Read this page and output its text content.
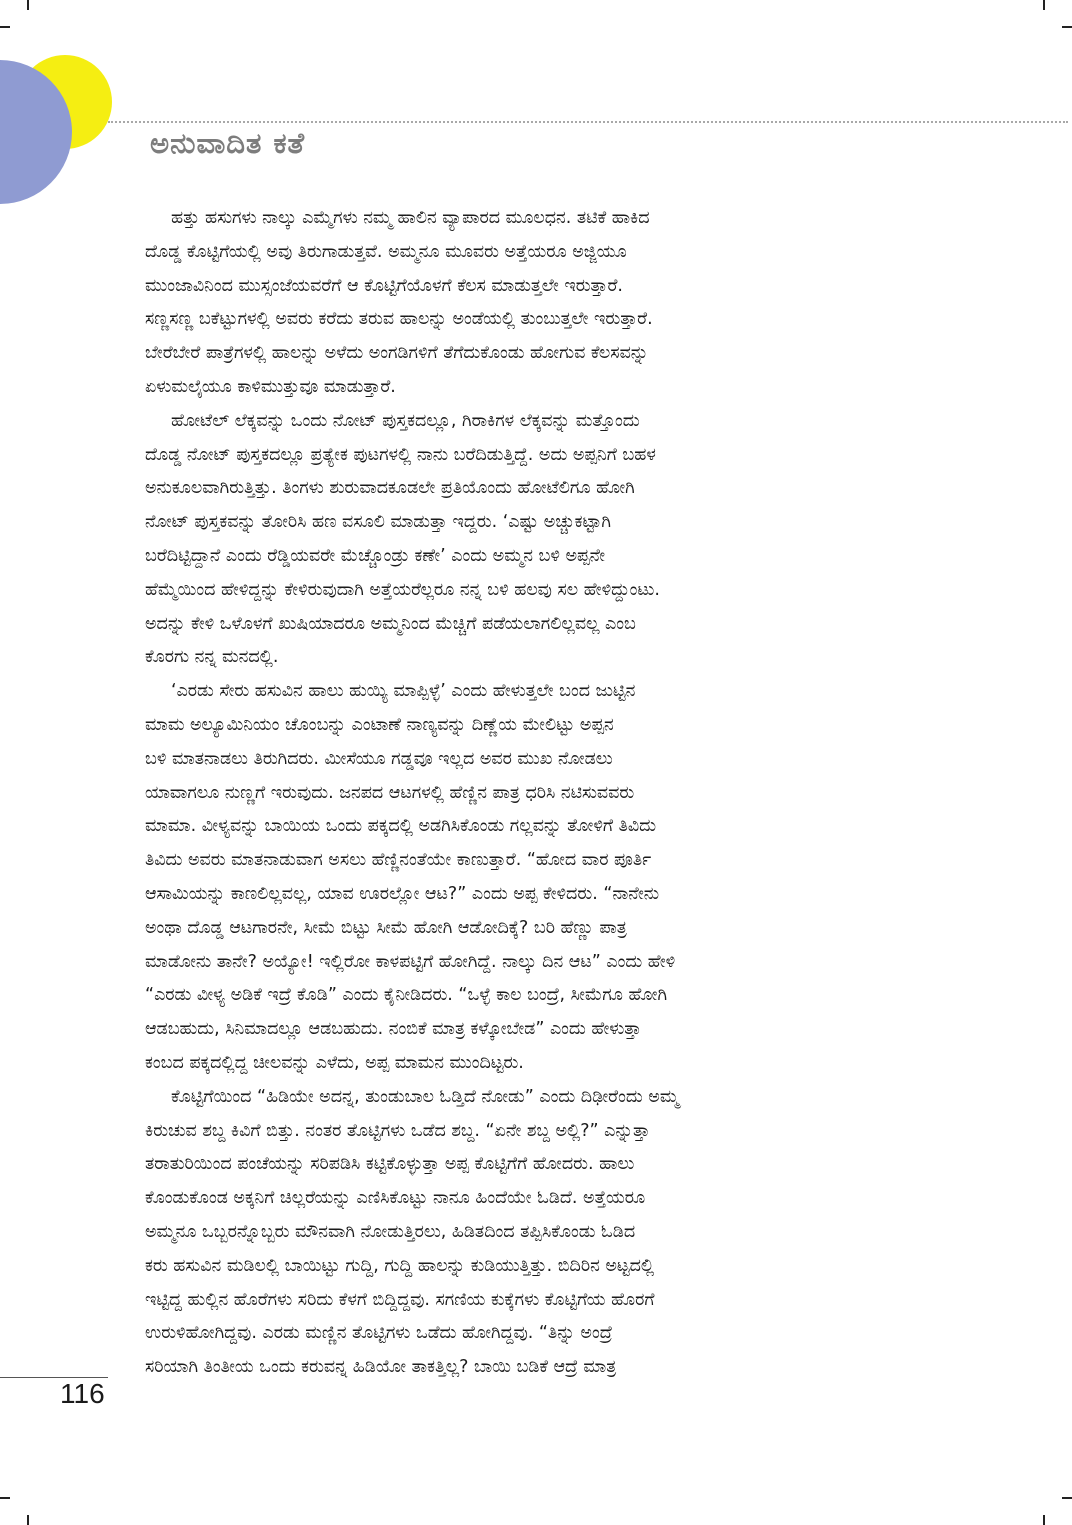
ಅನುವಾದಿತ ಕತೆ
ಹತ್ತು ಹಸುಗಳು ನಾಲ್ಕು ಎಮ್ಮೆಗಳು ನಮ್ಮ ಹಾಲಿನ ವ್ಯಾಪಾರದ ಮೂಲಧನ. ತಟಿಕೆ ಹಾಕಿದ
ದೊಡ್ಡ ಕೊಟ್ಟಿಗೆಯಲ್ಲಿ ಅವು ತಿರುಗಾಡುತ್ತವೆ. ಅಮ್ಮನೂ ಮೂವರು ಅತ್ತೆಯರೂ ಅಜ್ಜಿಯೂ
ಮುಂಜಾವಿನಿಂದ ಮುಸ್ಸಂಜೆಯವರೆಗೆ ಆ ಕೊಟ್ಟಿಗೆಯೊಳಗೆ ಕೆಲಸ ಮಾಡುತ್ತಲೇ ಇರುತ್ತಾರೆ.
ಸಣ್ಣಸಣ್ಣ ಬಕೆಟ್ಟುಗಳಲ್ಲಿ ಅವರು ಕರೆದು ತರುವ ಹಾಲನ್ನು ಅಂಡೆಯಲ್ಲಿ ತುಂಬುತ್ತಲೇ ಇರುತ್ತಾರೆ.
ಬೇರೆಬೇರೆ ಪಾತ್ರೆಗಳಲ್ಲಿ ಹಾಲನ್ನು ಅಳೆದು ಅಂಗಡಿಗಳಿಗೆ ತೆಗೆದುಕೊಂಡು ಹೋಗುವ ಕೆಲಸವನ್ನು
ಏಳುಮಲೈಯೂ ಕಾಳಿಮುತ್ತುವೂ ಮಾಡುತ್ತಾರೆ.
ಹೋಟೆಲ್ ಲೆಕ್ಕವನ್ನು ಒಂದು ನೋಟ್ ಪುಸ್ತಕದಲ್ಲೂ, ಗಿರಾಕಿಗಳ ಲೆಕ್ಕವನ್ನು ಮತ್ತೊಂದು
ದೊಡ್ಡ ನೋಟ್ ಪುಸ್ತಕದಲ್ಲೂ ಪ್ರತ್ಯೇಕ ಪುಟಗಳಲ್ಲಿ ನಾನು ಬರೆದಿಡುತ್ತಿದ್ದೆ. ಅದು ಅಪ್ಪನಿಗೆ ಬಹಳ
ಅನುಕೂಲವಾಗಿರುತ್ತಿತ್ತು. ತಿಂಗಳು ಶುರುವಾದಕೂಡಲೇ ಪ್ರತಿಯೊಂದು ಹೋಟೆಲಿಗೂ ಹೋಗಿ
ನೋಟ್ ಪುಸ್ತಕವನ್ನು ತೋರಿಸಿ ಹಣ ವಸೂಲಿ ಮಾಡುತ್ತಾ ಇದ್ದರು. ‘ಎಷ್ಟು ಅಚ್ಚುಕಟ್ಟಾಗಿ
ಬರೆದಿಟ್ಟಿದ್ದಾನೆ ಎಂದು ರೆಡ್ಡಿಯವರೇ ಮೆಚ್ಚೊಂಡ್ರು ಕಣೇ’ ಎಂದು ಅಮ್ಮನ ಬಳಿ ಅಪ್ಪನೇ
ಹೆಮ್ಮೆಯಿಂದ ಹೇಳಿದ್ದನ್ನು ಕೇಳಿರುವುದಾಗಿ ಅತ್ತೆಯರೆಲ್ಲರೂ ನನ್ನ ಬಳಿ ಹಲವು ಸಲ ಹೇಳಿದ್ದುಂಟು.
ಅದನ್ನು ಕೇಳಿ ಒಳೊಳಗೆ ಖುಷಿಯಾದರೂ ಅಮ್ಮನಿಂದ ಮೆಚ್ಚಿಗೆ ಪಡೆಯಲಾಗಲಿಲ್ಲವಲ್ಲ ಎಂಬ
ಕೊರಗು ನನ್ನ ಮನದಲ್ಲಿ.
‘ಎರಡು ಸೇರು ಹಸುವಿನ ಹಾಲು ಹುಯ್ಯಿ ಮಾಪ್ಪಿಳ್ಳೆ’ ಎಂದು ಹೇಳುತ್ತಲೇ ಬಂದ ಜುಟ್ಟಿನ
ಮಾಮ ಅಲ್ಯೂಮಿನಿಯಂ ಚೊಂಬನ್ನು ಎಂಟಾಣೆ ನಾಣ್ಯವನ್ನು ದಿಣ್ಣೆಯ ಮೇಲಿಟ್ಟು ಅಪ್ಪನ
ಬಳಿ ಮಾತನಾಡಲು ತಿರುಗಿದರು. ಮೀಸೆಯೂ ಗಡ್ಡವೂ ಇಲ್ಲದ ಅವರ ಮುಖ ನೋಡಲು
ಯಾವಾಗಲೂ ನುಣ್ಣಗೆ ಇರುವುದು. ಜನಪದ ಆಟಗಳಲ್ಲಿ ಹೆಣ್ಣಿನ ಪಾತ್ರ ಧರಿಸಿ ನಟಿಸುವವರು
ಮಾಮಾ. ವೀಳ್ಯವನ್ನು ಬಾಯಿಯ ಒಂದು ಪಕ್ಕದಲ್ಲಿ ಅಡಗಿಸಿಕೊಂಡು ಗಲ್ಲವನ್ನು ತೋಳಿಗೆ ತಿವಿದು
ತಿವಿದು ಅವರು ಮಾತನಾಡುವಾಗ ಅಸಲು ಹೆಣ್ಣಿನಂತೆಯೇ ಕಾಣುತ್ತಾರೆ. “ಹೋದ ವಾರ ಪೂರ್ತಿ
ಆಸಾಮಿಯನ್ನು ಕಾಣಲಿಲ್ಲವಲ್ಲ, ಯಾವ ಊರಲ್ಲೋ ಆಟ?” ಎಂದು ಅಪ್ಪ ಕೇಳಿದರು. “ನಾನೇನು
ಅಂಥಾ ದೊಡ್ಡ ಆಟಗಾರನೇ, ಸೀಮೆ ಬಿಟ್ಟು ಸೀಮೆ ಹೋಗಿ ಆಡೋದಿಕ್ಕೆ? ಬರಿ ಹೆಣ್ಣು ಪಾತ್ರ
ಮಾಡೋನು ತಾನೇ? ಅಯ್ಯೋ! ಇಲ್ಲಿರೋ ಕಾಳಪಟ್ಟಿಗೆ ಹೋಗಿದ್ದೆ. ನಾಲ್ಕು ದಿನ ಆಟ” ಎಂದು ಹೇಳಿ
“ಎರಡು ವೀಳ್ಯ ಅಡಿಕೆ ಇದ್ರೆ ಕೊಡಿ” ಎಂದು ಕೈನೀಡಿದರು. “ಒಳ್ಳೆ ಕಾಲ ಬಂದ್ರೆ, ಸೀಮೆಗೂ ಹೋಗಿ
ಆಡಬಹುದು, ಸಿನಿಮಾದಲ್ಲೂ ಆಡಬಹುದು. ನಂಬಿಕೆ ಮಾತ್ರ ಕಳ್ಕೋಬೇಡ” ಎಂದು ಹೇಳುತ್ತಾ
ಕಂಬದ ಪಕ್ಕದಲ್ಲಿದ್ದ ಚೀಲವನ್ನು ಎಳೆದು, ಅಪ್ಪ ಮಾಮನ ಮುಂದಿಟ್ಟರು.
ಕೊಟ್ಟಿಗೆಯಿಂದ “ಹಿಡಿಯೇ ಅದನ್ನ, ತುಂಡುಬಾಲ ಓಡ್ತಿದೆ ನೋಡು” ಎಂದು ದಿಢೀರೆಂದು ಅಮ್ಮ
ಕಿರುಚುವ ಶಬ್ದ ಕಿವಿಗೆ ಬಿತ್ತು. ನಂತರ ತೊಟ್ಟಿಗಳು ಒಡೆದ ಶಬ್ದ. “ಏನೇ ಶಬ್ದ ಅಲ್ಲಿ?” ಎನ್ನುತ್ತಾ
ತರಾತುರಿಯಿಂದ ಪಂಚೆಯನ್ನು ಸರಿಪಡಿಸಿ ಕಟ್ಟಿಕೊಳ್ಳುತ್ತಾ ಅಪ್ಪ ಕೊಟ್ಟಿಗೆಗೆ ಹೋದರು. ಹಾಲು
ಕೊಂಡುಕೊಂಡ ಅಕ್ಕನಿಗೆ ಚಿಲ್ಲರೆಯನ್ನು ಎಣಿಸಿಕೊಟ್ಟು ನಾನೂ ಹಿಂದೆಯೇ ಓಡಿದೆ. ಅತ್ತೆಯರೂ
ಅಮ್ಮನೂ ಒಬ್ಬರನ್ನೊಬ್ಬರು ಮೌನವಾಗಿ ನೋಡುತ್ತಿರಲು, ಹಿಡಿತದಿಂದ ತಪ್ಪಿಸಿಕೊಂಡು ಓಡಿದ
ಕರು ಹಸುವಿನ ಮಡಿಲಲ್ಲಿ ಬಾಯಿಟ್ಟು ಗುದ್ದಿ, ಗುದ್ದಿ ಹಾಲನ್ನು ಕುಡಿಯುತ್ತಿತ್ತು. ಬಿದಿರಿನ ಅಟ್ಟದಲ್ಲಿ
ಇಟ್ಟಿದ್ದ ಹುಲ್ಲಿನ ಹೊರೆಗಳು ಸರಿದು ಕೆಳಗೆ ಬಿದ್ದಿದ್ದವು. ಸಗಣಿಯ ಕುಕ್ಕೆಗಳು ಕೊಟ್ಟಿಗೆಯ ಹೊರಗೆ
ಉರುಳಿಹೋಗಿದ್ದವು. ಎರಡು ಮಣ್ಣಿನ ತೊಟ್ಟಿಗಳು ಒಡೆದು ಹೋಗಿದ್ದವು. “ತಿನ್ನು ಅಂದ್ರೆ
ಸರಿಯಾಗಿ ತಿಂತೀಯ ಒಂದು ಕರುವನ್ನ ಹಿಡಿಯೋ ತಾಕತ್ತಿಲ್ಲ? ಬಾಯಿ ಬಡಿಕೆ ಆದ್ರೆ ಮಾತ್ರ
116
